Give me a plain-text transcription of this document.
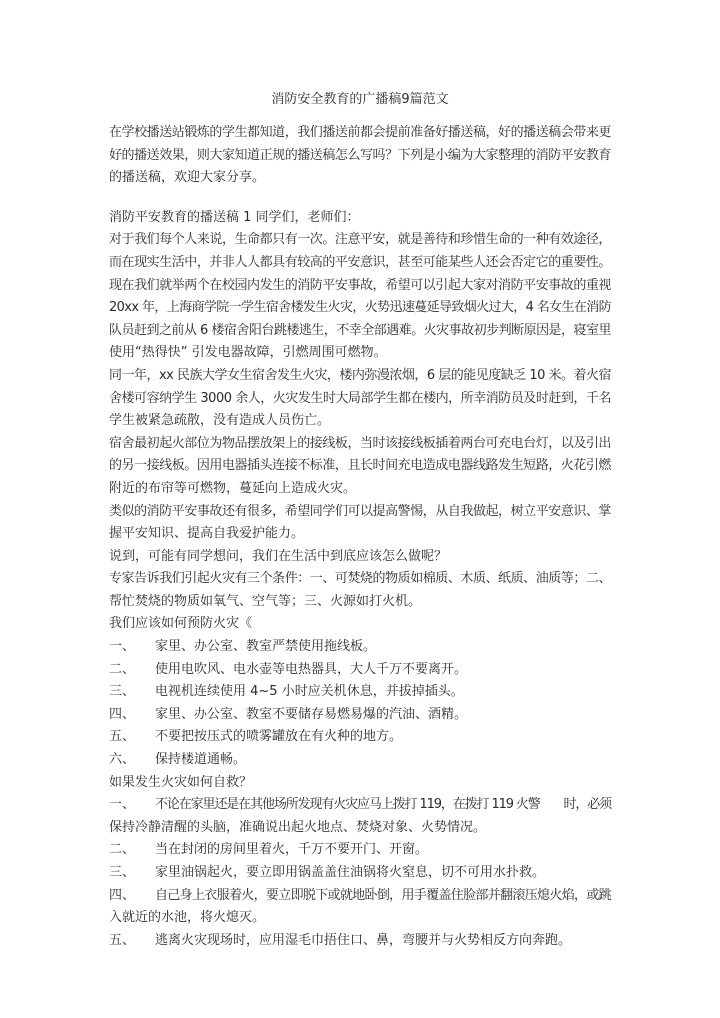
消防安全教育的广播稿9篇范文
在学校播送站锻炼的学生都知道，我们播送前都会提前准备好播送稿，好的播送稿会带来更
好的播送效果，则大家知道正规的播送稿怎么写吗？下列是小编为大家整理的消防平安教育
的播送稿，欢迎大家分享。
消防平安教育的播送稿 1 同学们，老师们：
对于我们每个人来说，生命都只有一次。注意平安，就是善待和珍惜生命的一种有效途径，
而在现实生活中，并非人人都具有较高的平安意识，甚至可能某些人还会否定它的重要性。
现在我们就举两个在校园内发生的消防平安事故，希望可以引起大家对消防平安事故的重视
20xx 年，上海商学院一学生宿舍楼发生火灾，火势迅速蔓延导致烟火过大，4 名女生在消防
队员赶到之前从 6 楼宿舍阳台跳楼逃生，不幸全部遇难。火灾事故初步判断原因是，寝室里
使用“热得快” 引发电器故障，引燃周围可燃物。
同一年，xx 民族大学女生宿舍发生火灾，楼内弥漫浓烟，6 层的能见度缺乏 10 米。着火宿
舍楼可容纳学生 3000 余人，火灾发生时大局部学生都在楼内，所幸消防员及时赶到，千名
学生被紧急疏散，没有造成人员伤亡。
宿舍最初起火部位为物品摆放架上的接线板，当时该接线板插着两台可充电台灯，以及引出
的另一接线板。因用电器插头连接不标准，且长时间充电造成电器线路发生短路，火花引燃
附近的布帘等可燃物，蔓延向上造成火灾。
类似的消防平安事故还有很多，希望同学们可以提高警惕，从自我做起，树立平安意识、掌
握平安知识、提高自我爱护能力。
说到，可能有同学想问，我们在生活中到底应该怎么做呢？
专家告诉我们引起火灾有三个条件：一、可焚烧的物质如棉质、木质、纸质、油质等；二、
帮忙焚烧的物质如氧气、空气等；三、火源如打火机。
我们应该如何预防火灾《
一、	家里、办公室、教室严禁使用拖线板。
二、	使用电吹风、电水壶等电热器具，大人千万不要离开。
三、	电视机连续使用 4~5 小时应关机休息，并拔掉插头。
四、	家里、办公室、教室不要储存易燃易爆的汽油、酒精。
五、	不要把按压式的喷雾罐放在有火种的地方。
六、	保持楼道通畅。
如果发生火灾如何自救？
一、	不论在家里还是在其他场所发现有火灾应马上拨打 119，在拨打 119 火警　　时，必须
保持冷静清醒的头脑，准确说出起火地点、焚烧对象、火势情况。
二、	当在封闭的房间里着火，千万不要开门、开窗。
三、	家里油锅起火，要立即用锅盖盖住油锅将火窒息，切不可用水扑救。
四、	自己身上衣服着火，要立即脱下或就地卧倒，用手覆盖住脸部并翻滚压熄火焰，或跳
入就近的水池，将火熄灭。
五、	逃离火灾现场时，应用湿毛巾捂住口、鼻，弯腰并与火势相反方向奔跑。
